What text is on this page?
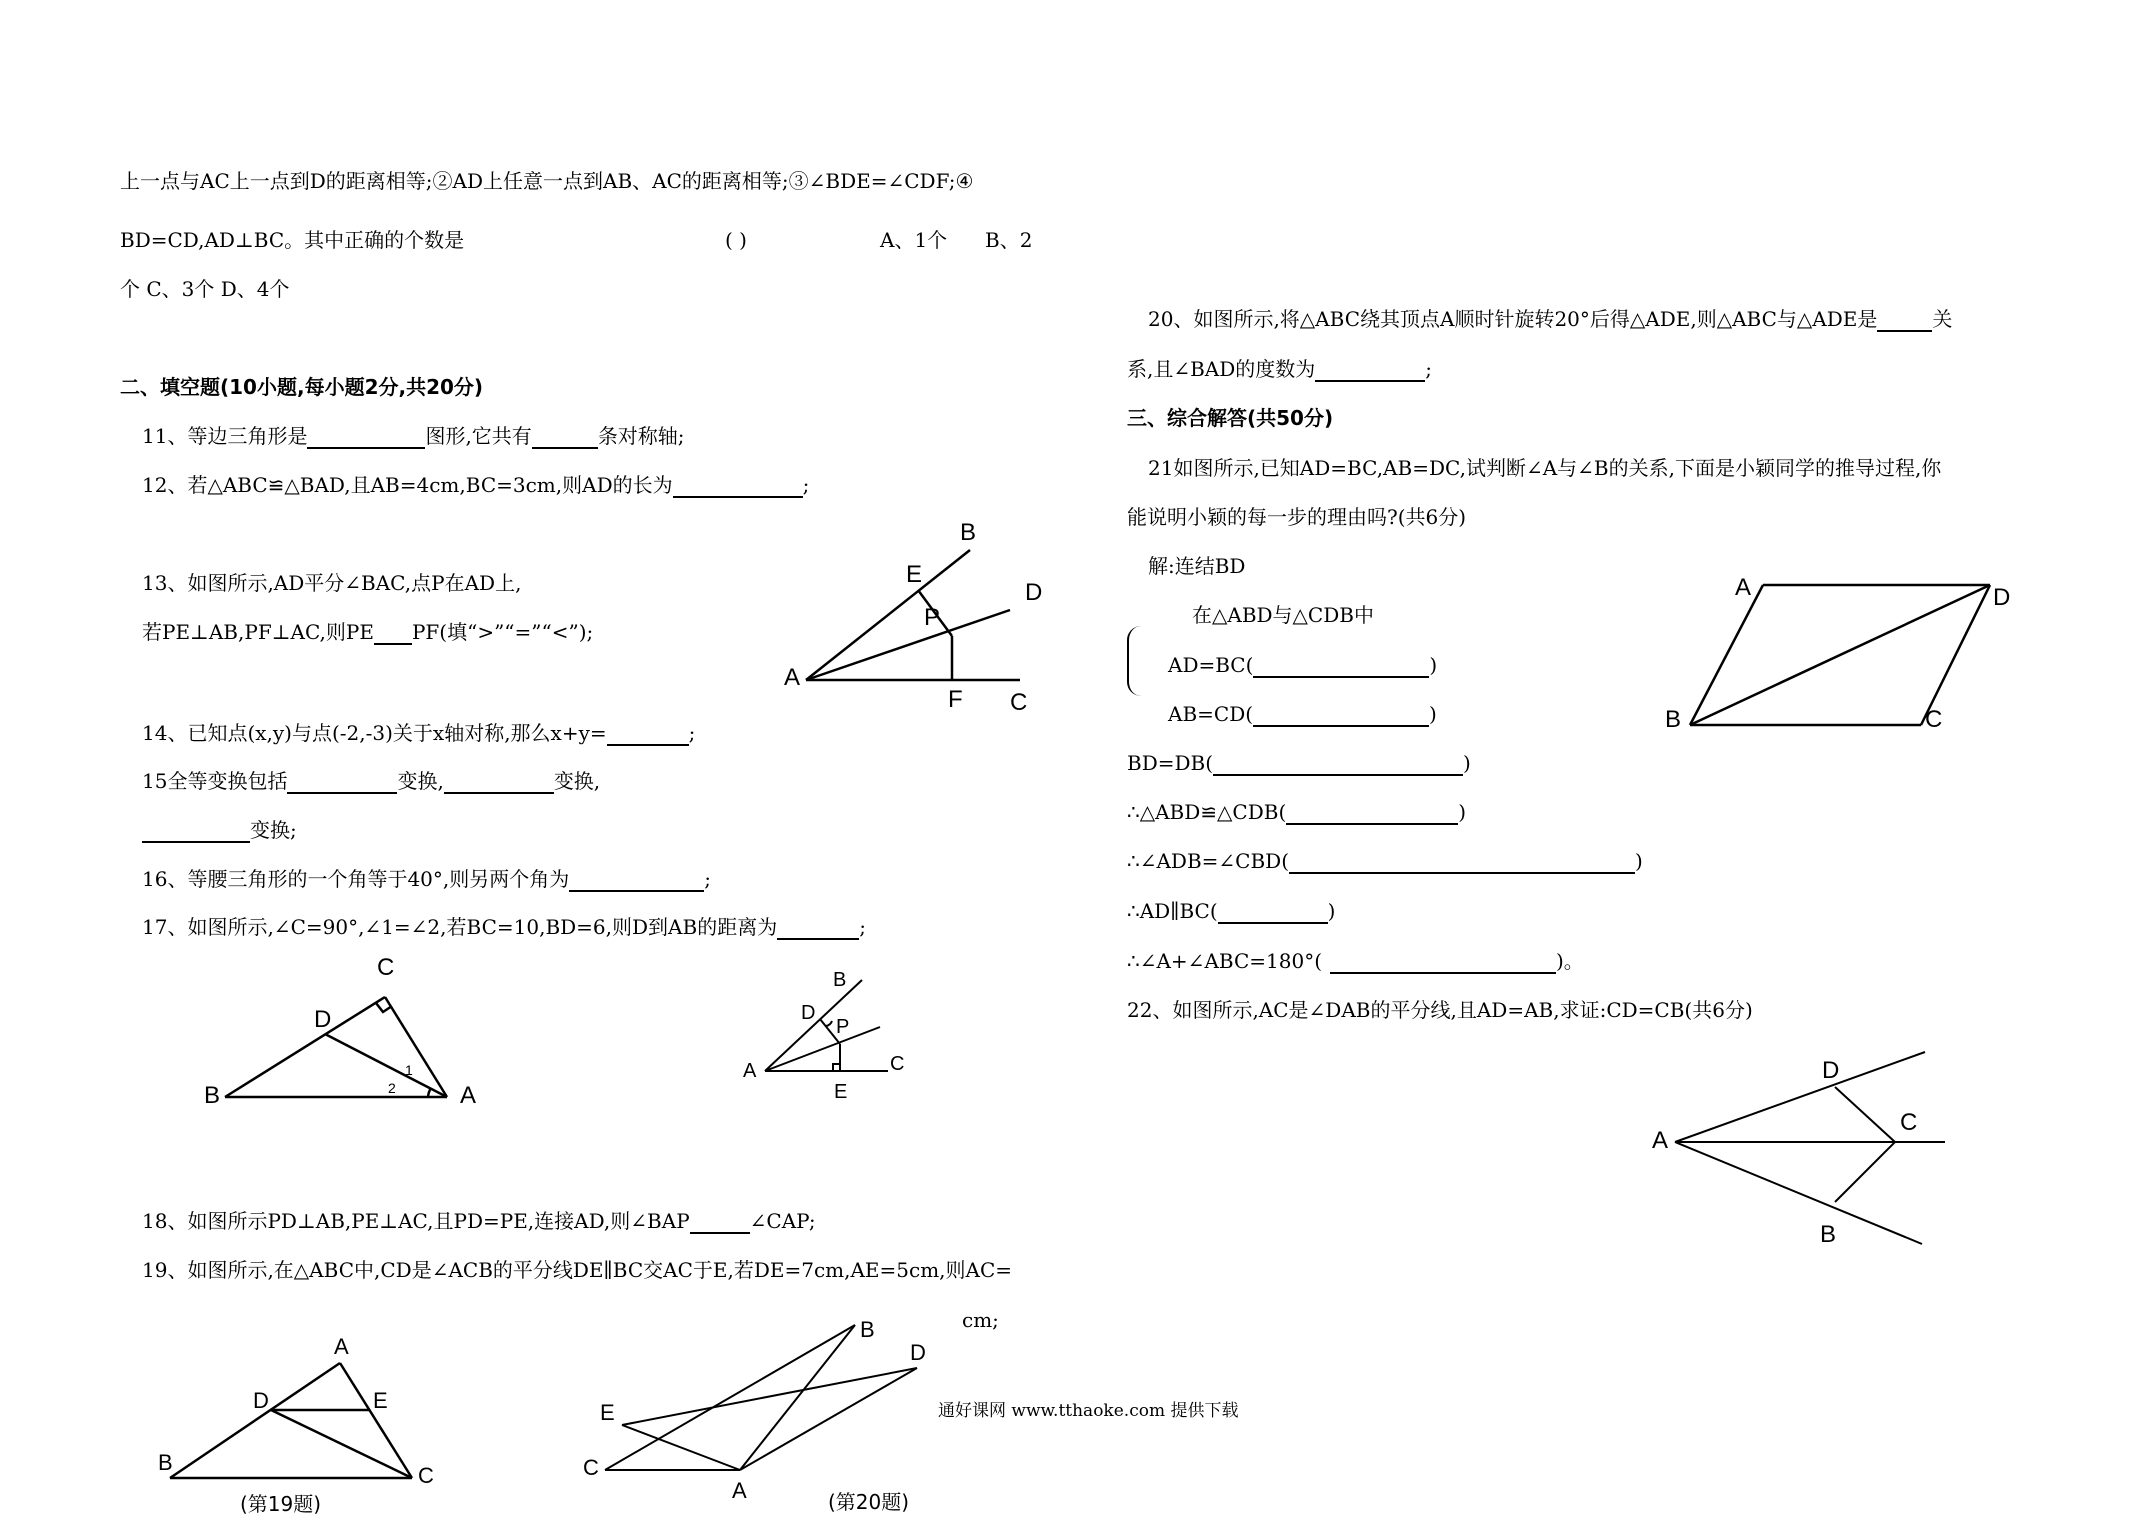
上一点与AC上一点到D的距离相等;②AD上任意一点到AB、AC的距离相等;③∠BDE=∠CDF;④
BD=CD,AD⊥BC。其中正确的个数是	( )	A、1个 B、2
个 C、3个 D、4个
二、填空题(10小题,每小题2分,共20分)
11、等边三角形是	图形,它共有	条对称轴;
12、若△ABC≌△BAD,且AB=4cm,BC=3cm,则AD的长为	;
13、如图所示,AD平分∠BAC,点P在AD上,
若PE⊥AB,PF⊥AC,则PE PF(填“>”“=”“<”);
A
B
D
E
P
F C
14、已知点(x,y)与点(-2,-3)关于x轴对称,那么x+y=	;
15全等变换包括	变换,	变换,
变换;
16、等腰三角形的一个角等于40°,则另两个角为	;
17、如图所示,∠C=90°,∠1=∠2,若BC=10,BD=6,则D到AB的距离为	;
C
D
B	A
1
2
B
D
P
A	C
E
18、如图所示PD⊥AB,PE⊥AC,且PD=PE,连接AD,则∠BAP	∠CAP;
19、如图所示,在△ABC中,CD是∠ACB的平分线DE∥BC交AC于E,若DE=7cm,AE=5cm,则AC=
cm;
A
D	E
B
C
(第19题)
B
D
E
C
A	(第20题)
通好课网 www.tthaoke.com 提供下载
20、如图所示,将△ABC绕其顶点A顺时针旋转20°后得△ADE,则△ABC与△ADE是	关
系,且∠BAD的度数为	;
三、综合解答(共50分)
21如图所示,已知AD=BC,AB=DC,试判断∠A与∠B的关系,下面是小颖同学的推导过程,你
能说明小颖的每一步的理由吗?(共6分)
解:连结BD
在△ABD与△CDB中
AD=BC(	)
AB=CD(	)
BD=DB(	)
∴△ABD≌△CDB(	)
∴∠ADB=∠CBD(	)
∴AD∥BC(	)
∴∠A+∠ABC=180°(	)。
A	D
B	C
22、如图所示,AC是∠DAB的平分线,且AD=AB,求证:CD=CB(共6分)
D
A
C
B
